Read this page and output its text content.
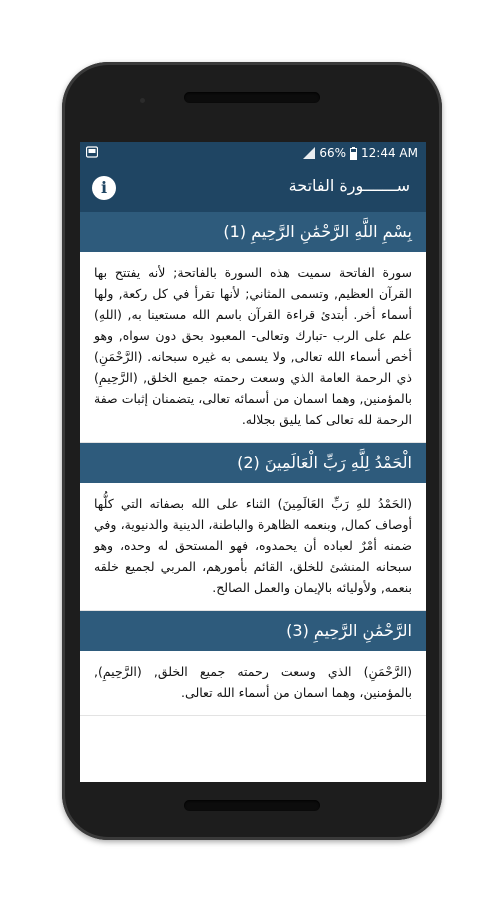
66% 12:44 AM
i	ســـــــورة الفاتحة
بِسْمِ اللَّهِ الرَّحْمَٰنِ الرَّحِيمِ (1)
سورة الفاتحة سميت هذه السورة بالفاتحة; لأنه يفتتح بها القرآن العظيم, وتسمى المثاني; لأنها تقرأ في كل ركعة, ولها أسماء أخر. أبتدئ قراءة القرآن باسم الله مستعينا به, (اللهِ) علم على الرب -تبارك وتعالى- المعبود بحق دون سواه, وهو أخص أسماء الله تعالى, ولا يسمى به غيره سبحانه. (الرَّحْمَنِ) ذي الرحمة العامة الذي وسعت رحمته جميع الخلق, (الرَّحِيمِ) بالمؤمنين, وهما اسمان من أسمائه تعالى، يتضمنان إثبات صفة الرحمة لله تعالى كما يليق بجلاله.
الْحَمْدُ لِلَّهِ رَبِّ الْعَالَمِينَ (2)
(الحَمْدُ للهِ رَبِّ العَالَمِينَ) الثناء على الله بصفاته التي كلُّها أوصاف كمال, وبنعمه الظاهرة والباطنة، الدينية والدنيوية، وفي ضمنه أمْرٌ لعباده أن يحمدوه، فهو المستحق له وحده، وهو سبحانه المنشئ للخلق، القائم بأمورهم، المربي لجميع خلقه بنعمه, ولأوليائه بالإيمان والعمل الصالح.
الرَّحْمَٰنِ الرَّحِيمِ (3)
(الرَّحْمَنِ) الذي وسعت رحمته جميع الخلق, (الرَّحِيمِ), بالمؤمنين، وهما اسمان من أسماء الله تعالى.
